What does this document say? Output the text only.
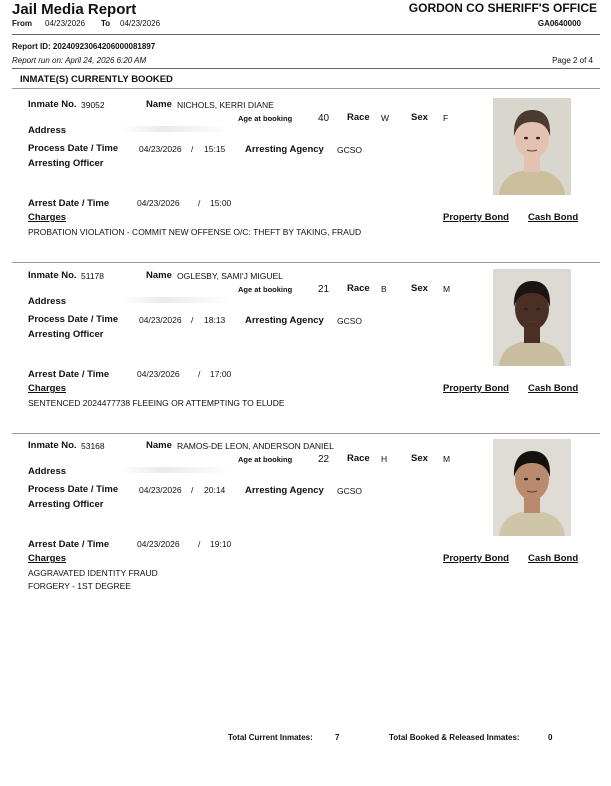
Jail Media Report
From 04/23/2026 To 04/23/2026
GORDON CO SHERIFF'S OFFICE
GA0640000
Report ID: 20240923064206000081897
Report run on: April 24, 2026 6:20 AM	Page 2 of 4
INMATE(S) CURRENTLY BOOKED
Inmate No. 39052	Name NICHOLS, KERRI DIANE
Age at booking	40 Race W Sex F
Address
Process Date / Time 04/23/2026 / 15:15 Arresting Agency GCSO
Arresting Officer
Arrest Date / Time	04/23/2026 / 15:00
Charges	Property Bond Cash Bond
PROBATION VIOLATION - COMMIT NEW OFFENSE O/C: THEFT BY TAKING, FRAUD
Inmate No. 51178	Name OGLESBY, SAMI'J MIGUEL
Age at booking	21 Race B	Sex M
Address
Process Date / Time 04/23/2026 / 18:13 Arresting Agency GCSO
Arresting Officer
Arrest Date / Time	04/23/2026 / 17:00
Charges	Property Bond Cash Bond
SENTENCED 2024477738 FLEEING OR ATTEMPTING TO ELUDE
Inmate No. 53168	Name RAMOS-DE LEON, ANDERSON DANIEL
Age at booking	22 Race H	Sex M
Address
Process Date / Time 04/23/2026 / 20:14 Arresting Agency GCSO
Arresting Officer
Arrest Date / Time	04/23/2026 / 19:10
Charges	Property Bond Cash Bond
AGGRAVATED IDENTITY FRAUD
FORGERY - 1ST DEGREE
Total Current Inmates:	7	Total Booked & Released Inmates:	0
